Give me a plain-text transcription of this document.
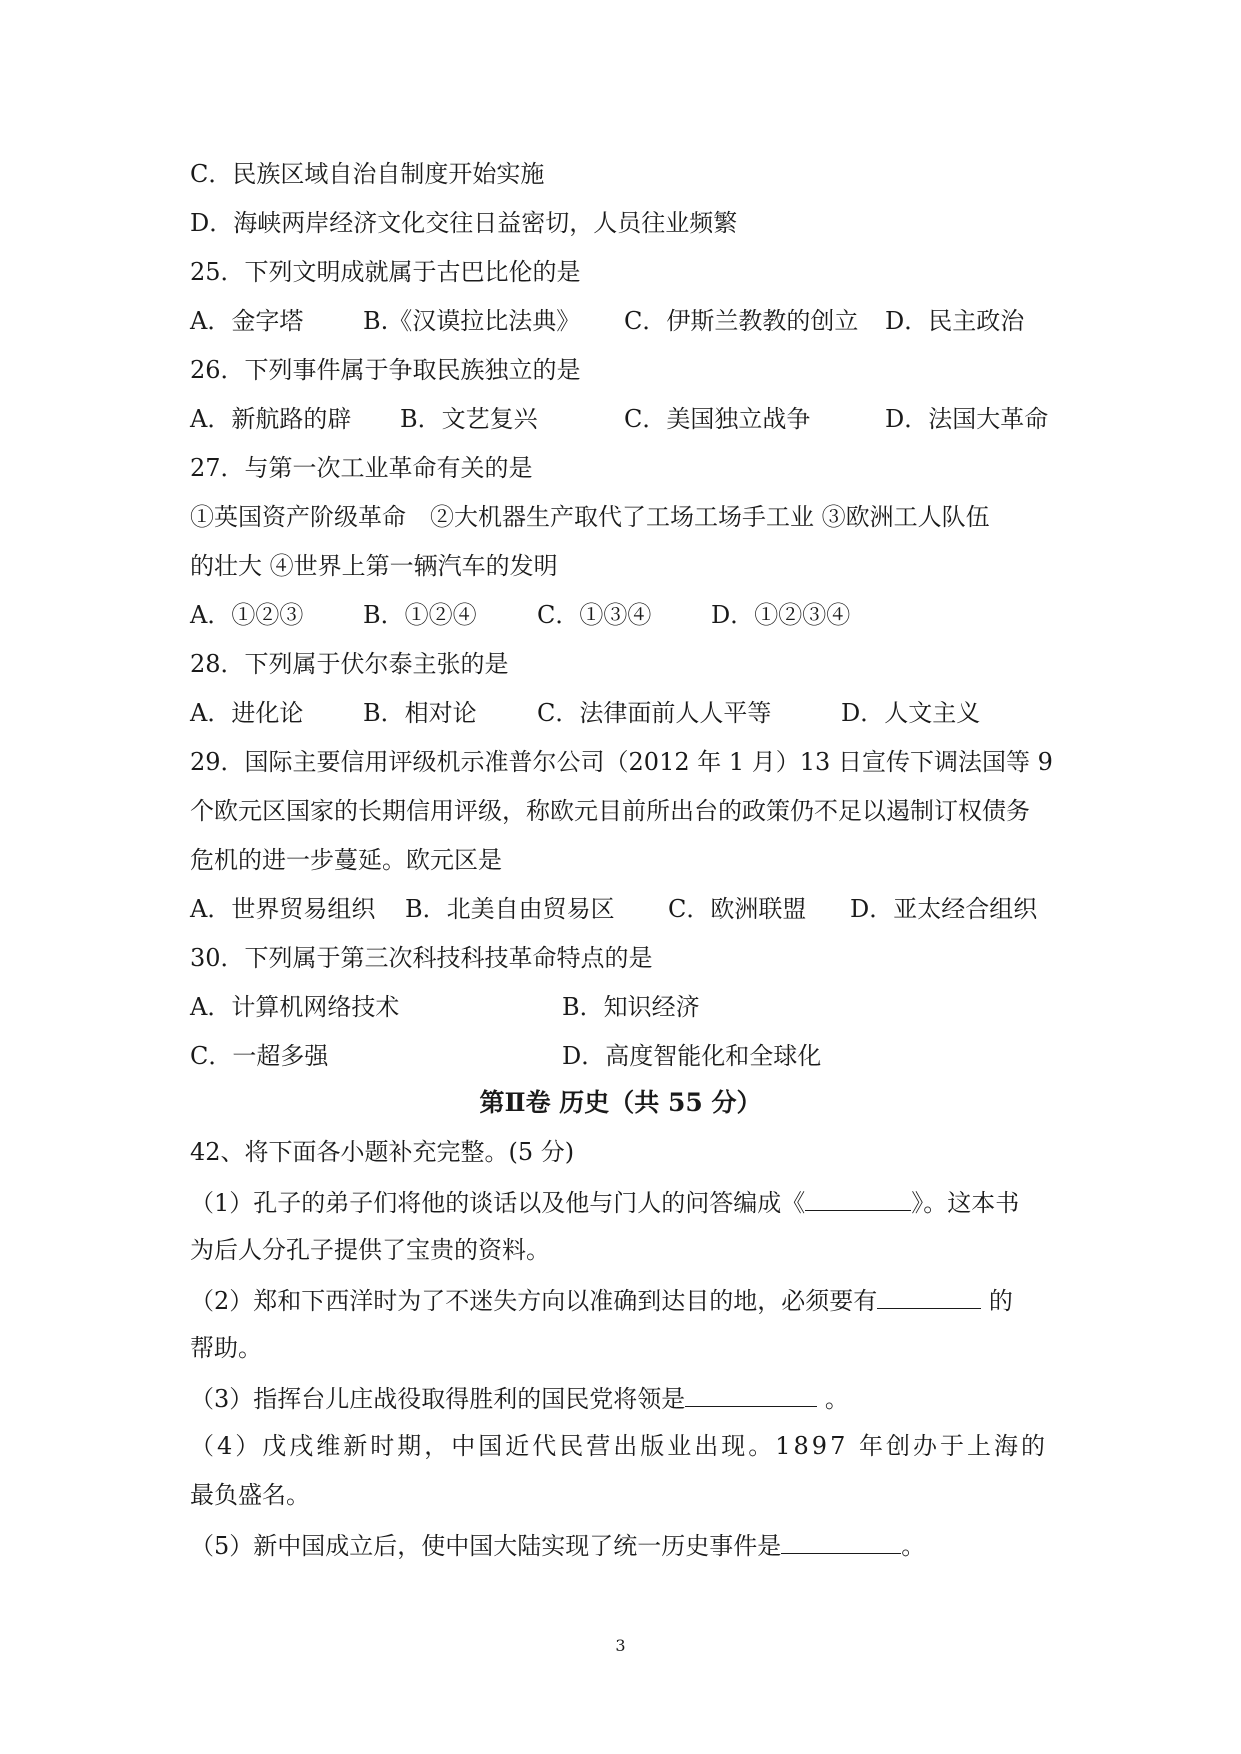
C．民族区域自治自制度开始实施
D．海峡两岸经济文化交往日益密切，人员往业频繁
25．下列文明成就属于古巴比伦的是
A．金字塔 B.《汉谟拉比法典》 C．伊斯兰教教的创立 D．民主政治
26．下列事件属于争取民族独立的是
A．新航路的辟 B．文艺复兴	C．美国独立战争	D．法国大革命
27．与第一次工业革命有关的是
①英国资产阶级革命　②大机器生产取代了工场工场手工业 ③欧洲工人队伍
的壮大 ④世界上第一辆汽车的发明
A．①②③ B．①②④	C．①③④ D．①②③④
28．下列属于伏尔泰主张的是
A．进化论 B．相对论	C．法律面前人人平等	D．人文主义
29．国际主要信用评级机示准普尔公司（2012 年 1 月）13 日宣传下调法国等 9
个欧元区国家的长期信用评级，称欧元目前所出台的政策仍不足以遏制订权债务
危机的进一步蔓延。欧元区是
A．世界贸易组织 B．北美自由贸易区 C．欧洲联盟 D．亚太经合组织
30．下列属于第三次科技科技革命特点的是
A．计算机网络技术	B．知识经济
C．一超多强	D．高度智能化和全球化
第Ⅱ卷 历史（共 55 分）
42、将下面各小题补充完整。(5 分)
（1）孔子的弟子们将他的谈话以及他与门人的问答编成《	》。这本书
为后人分孔子提供了宝贵的资料。
（2）郑和下西洋时为了不迷失方向以准确到达目的地，必须要有	的
帮助。
（3）指挥台儿庄战役取得胜利的国民党将领是	。
（4）戊戌维新时期，中国近代民营出版业出现。1897 年创办于上海的
最负盛名。
（5）新中国成立后，使中国大陆实现了统一历史事件是	。
3
